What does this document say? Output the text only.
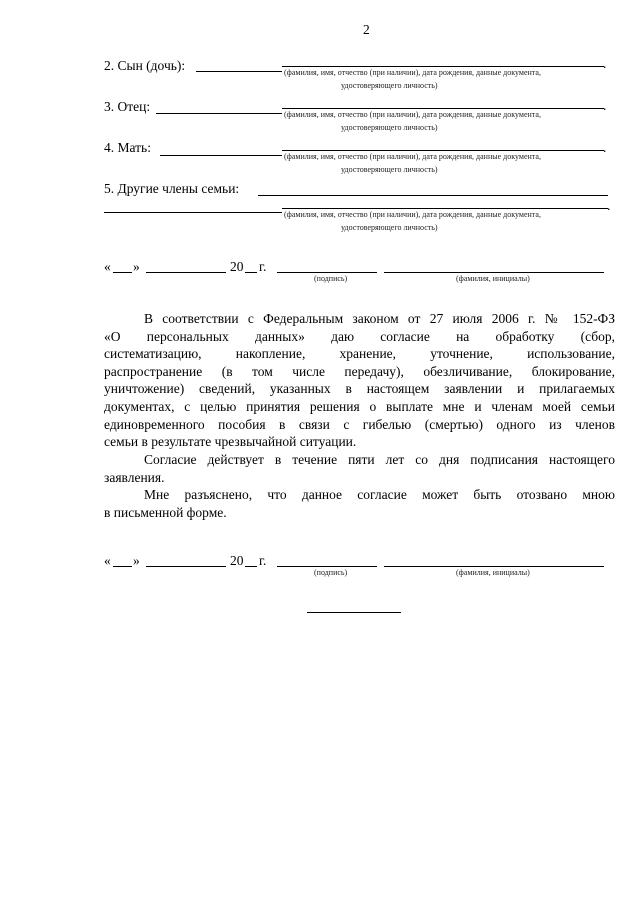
2
2. Сын (дочь):	.
(фамилия, имя, отчество (при наличии), дата рождения, данные документа,
удостоверяющего личность)
3. Отец:	.
(фамилия, имя, отчество (при наличии), дата рождения, данные документа,
удостоверяющего личность)
4. Мать:	.
(фамилия, имя, отчество (при наличии), дата рождения, данные документа,
удостоверяющего личность)
5. Другие члены семьи:
.
(фамилия, имя, отчество (при наличии), дата рождения, данные документа,
удостоверяющего личность)
« »	20 г.
(подпись)	(фамилия, инициалы)
В соответствии с Федеральным законом от 27 июля 2006 г. № 152-ФЗ
«О персональных данных» даю согласие на обработку (сбор,
систематизацию, накопление, хранение, уточнение, использование,
распространение (в том числе передачу), обезличивание, блокирование,
уничтожение) сведений, указанных в настоящем заявлении и прилагаемых
документах, с целью принятия решения о выплате мне и членам моей семьи
единовременного пособия в связи с гибелью (смертью) одного из членов
семьи в результате чрезвычайной ситуации.
Согласие действует в течение пяти лет со дня подписания настоящего
заявления.
Мне разъяснено, что данное согласие может быть отозвано мною
в письменной форме.
« »	20 г.
(подпись)	(фамилия, инициалы)
